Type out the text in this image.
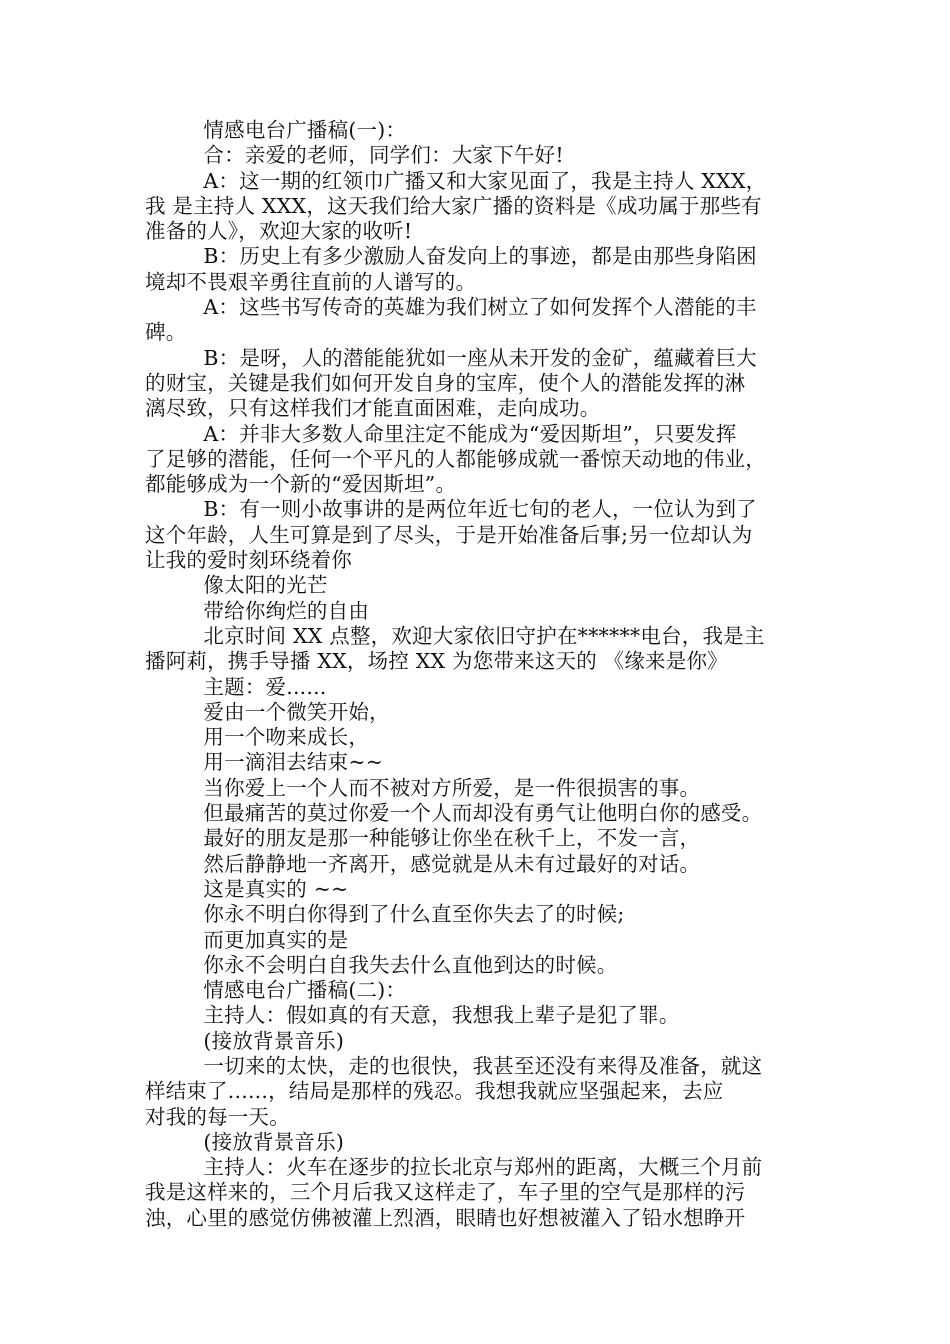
情感电台广播稿(一)：
合：亲爱的老师，同学们：大家下午好!
A：这一期的红领巾广播又和大家见面了，我是主持人 XXX，
我 是主持人 XXX，这天我们给大家广播的资料是《成功属于那些有
准备的人》，欢迎大家的收听!
B：历史上有多少激励人奋发向上的事迹，都是由那些身陷困
境却不畏艰辛勇往直前的人谱写的。
A：这些书写传奇的英雄为我们树立了如何发挥个人潜能的丰
碑。
B：是呀，人的潜能能犹如一座从未开发的金矿，蕴藏着巨大
的财宝，关键是我们如何开发自身的宝库，使个人的潜能发挥的淋
漓尽致，只有这样我们才能直面困难，走向成功。
A：并非大多数人命里注定不能成为“爱因斯坦”，只要发挥
了足够的潜能，任何一个平凡的人都能够成就一番惊天动地的伟业，
都能够成为一个新的“爱因斯坦”。
B：有一则小故事讲的是两位年近七旬的老人，一位认为到了
这个年龄，人生可算是到了尽头，于是开始准备后事;另一位却认为
让我的爱时刻环绕着你
像太阳的光芒
带给你绚烂的自由
北京时间 XX 点整，欢迎大家依旧守护在******电台，我是主
播阿莉，携手导播 XX，场控 XX 为您带来这天的 《缘来是你》
主题：爱......
爱由一个微笑开始，
用一个吻来成长，
用一滴泪去结束~~
当你爱上一个人而不被对方所爱，是一件很损害的事。
但最痛苦的莫过你爱一个人而却没有勇气让他明白你的感受。
最好的朋友是那一种能够让你坐在秋千上，不发一言，
然后静静地一齐离开，感觉就是从未有过最好的对话。
这是真实的 ~~
你永不明白你得到了什么直至你失去了的时候;
而更加真实的是
你永不会明白自我失去什么直他到达的时候。
情感电台广播稿(二)：
主持人：假如真的有天意，我想我上辈子是犯了罪。
(接放背景音乐)
一切来的太快，走的也很快，我甚至还没有来得及准备，就这
样结束了......，结局是那样的残忍。我想我就应坚强起来，去应
对我的每一天。
(接放背景音乐)
主持人：火车在逐步的拉长北京与郑州的距离，大概三个月前
我是这样来的，三个月后我又这样走了，车子里的空气是那样的污
浊，心里的感觉仿佛被灌上烈酒，眼睛也好想被灌入了铅水想睁开
